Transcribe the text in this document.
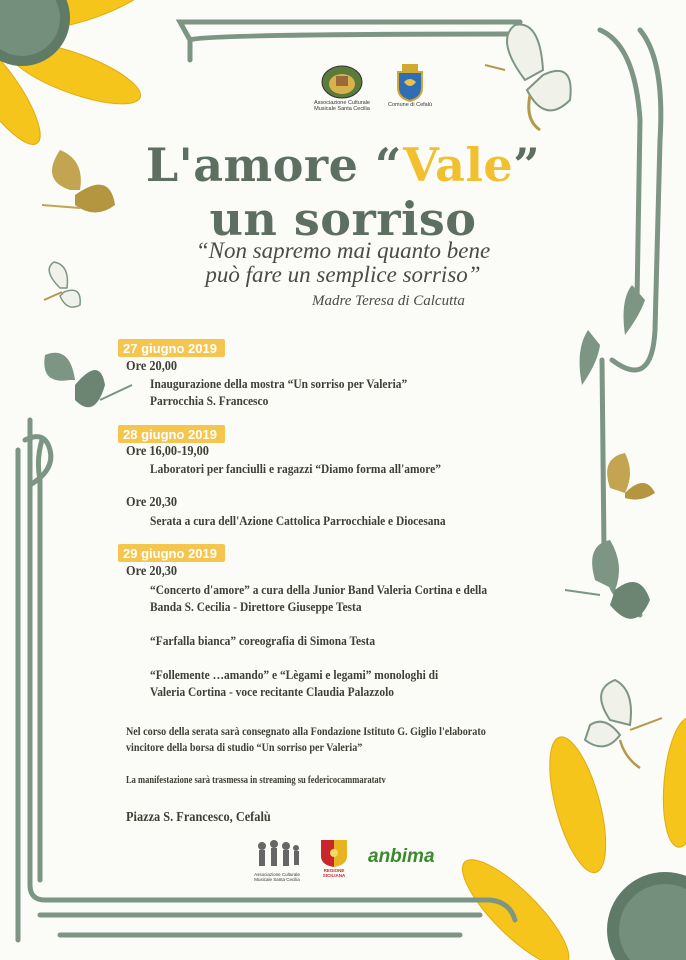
Associazione Culturale
Musicale Santa Cecilia
Comune di Cefalù
L'amore “Vale”
un sorriso
“Non sapremo mai quanto bene
può fare un semplice sorriso”
Madre Teresa di Calcutta
27 giugno 2019
Ore 20,00
Inaugurazione della mostra “Un sorriso per Valeria”
Parrocchia S. Francesco
28 giugno 2019
Ore 16,00-19,00
Laboratori per fanciulli e ragazzi “Diamo forma all'amore”
Ore 20,30
Serata a cura dell'Azione Cattolica Parrocchiale e Diocesana
29 giugno 2019
Ore 20,30
“Concerto d'amore” a cura della Junior Band Valeria Cortina e della
Banda S. Cecilia - Direttore Giuseppe Testa
“Farfalla bianca” coreografia di Simona Testa
“Follemente …amando” e “Lègami e legami” monologhi di
Valeria Cortina - voce recitante Claudia Palazzolo
Nel corso della serata sarà consegnato alla Fondazione Istituto G. Giglio l'elaborato
vincitore della borsa di studio “Un sorriso per Valeria”
La manifestazione sarà trasmessa in streaming su federicocammaratatv
Piazza S. Francesco, Cefalù
Associazione Culturale Musicale Santa Cecilia
REGIONE SICILIANA
anbima
